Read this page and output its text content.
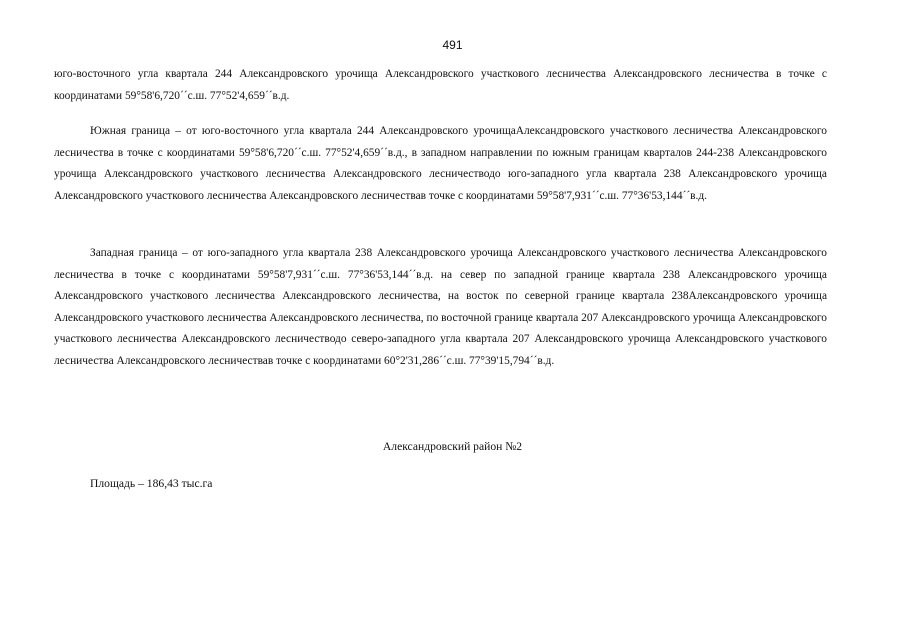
491

юго-восточного угла квартала 244 Александровского урочища Александровского участкового лесничества Александровского лесничества в точке с координатами 59°58'6,720´´с.ш. 77°52'4,659´´в.д.

Южная граница – от юго-восточного угла квартала 244 Александровского урочищаАлександровского участкового лесничества Александровского лесничества в точке с координатами 59°58'6,720´´с.ш. 77°52'4,659´´в.д., в западном направлении по южным границам кварталов 244-238 Александровского урочища Александровского участкового лесничества Александровского лесничестводо юго-западного угла квартала 238 Александровского урочища Александровского участкового лесничества Александровского лесничествав точке с координатами 59°58'7,931´´с.ш. 77°36'53,144´´в.д.

Западная граница – от юго-западного угла квартала 238 Александровского урочища Александровского участкового лесничества Александровского лесничества в точке с координатами 59°58'7,931´´с.ш. 77°36'53,144´´в.д. на север по западной границе квартала 238 Александровского урочища Александровского участкового лесничества Александровского лесничества, на восток по северной границе квартала 238Александровского урочища Александровского участкового лесничества Александровского лесничества, по восточной границе квартала 207 Александровского урочища Александровского участкового лесничества Александровского лесничестводо северо-западного угла квартала 207 Александровского урочища Александровского участкового лесничества Александровского лесничествав точке с координатами 60°2'31,286´´с.ш. 77°39'15,794´´в.д.

Александровский район №2

Площадь – 186,43 тыс.га
